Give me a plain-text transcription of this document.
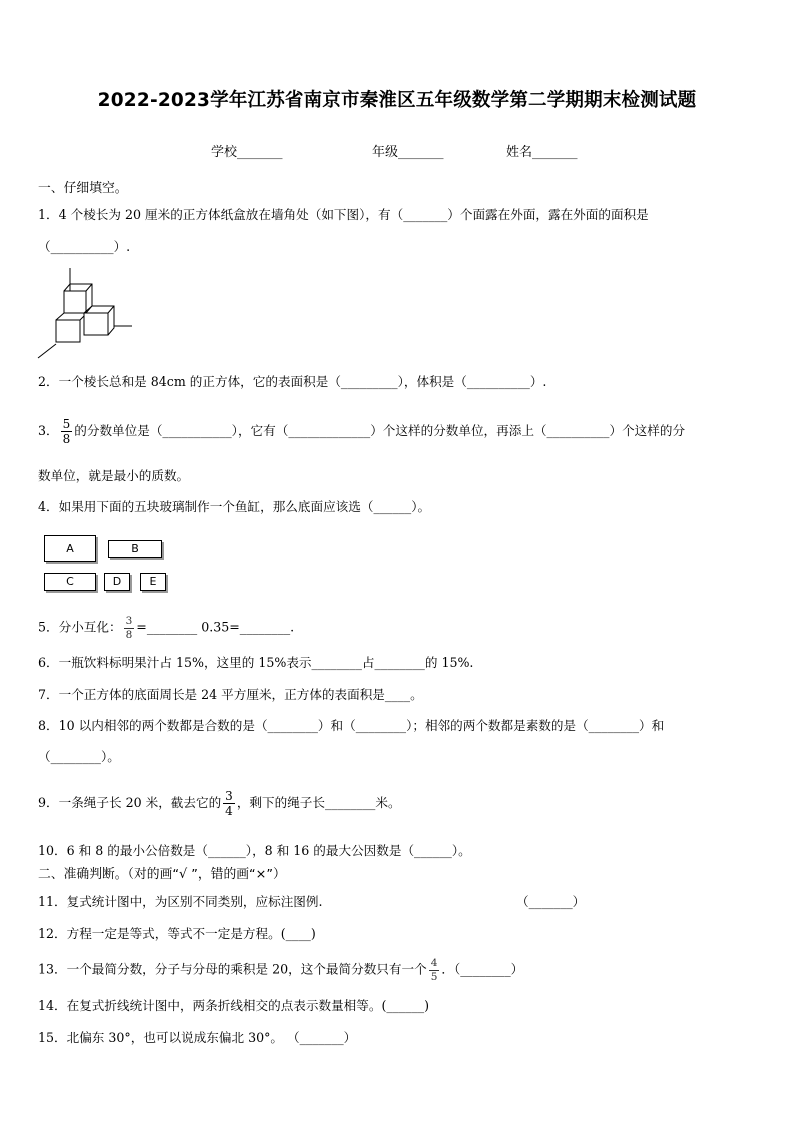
2022-2023学年江苏省南京市秦淮区五年级数学第二学期期末检测试题
学校_______	年级_______	姓名_______
一、仔细填空。
1．4 个棱长为 20 厘米的正方体纸盒放在墙角处（如下图），有（_______）个面露在外面，露在外面的面积是
（__________）.
2．一个棱长总和是 84cm 的正方体，它的表面积是（_________），体积是（__________）.
3． $\frac{5}{8}$ 的分数单位是（___________），它有（_____________）个这样的分数单位，再添上（__________）个这样的分
数单位，就是最小的质数。
4．如果用下面的五块玻璃制作一个鱼缸，那么底面应该选（______）。
A	B
C	D	E
5．分小互化： $\frac{3}{8}$ =________ 0.35=________.
6．一瓶饮料标明果汁占 15%，这里的 15%表示________占________的 15%.
7．一个正方体的底面周长是 24 平方厘米，正方体的表面积是____。
8．10 以内相邻的两个数都是合数的是（________）和（________）；相邻的两个数都是素数的是（________）和
（________）。
9．一条绳子长 20 米，截去它的 $\frac{3}{4}$ ，剩下的绳子长________米。
10．6 和 8 的最小公倍数是（______），8 和 16 的最大公因数是（______）。
二、准确判断。（对的画“√ ”，错的画“×”）
11．复式统计图中，为区别不同类别，应标注图例.	（_______）
12．方程一定是等式，等式不一定是方程。(____)
13．一个最简分数，分子与分母的乘积是 20，这个最简分数只有一个 $\frac{4}{5}$ ．（________）
14．在复式折线统计图中，两条折线相交的点表示数量相等。(______)
15．北偏东 30°，也可以说成东偏北 30°。 （_______）
